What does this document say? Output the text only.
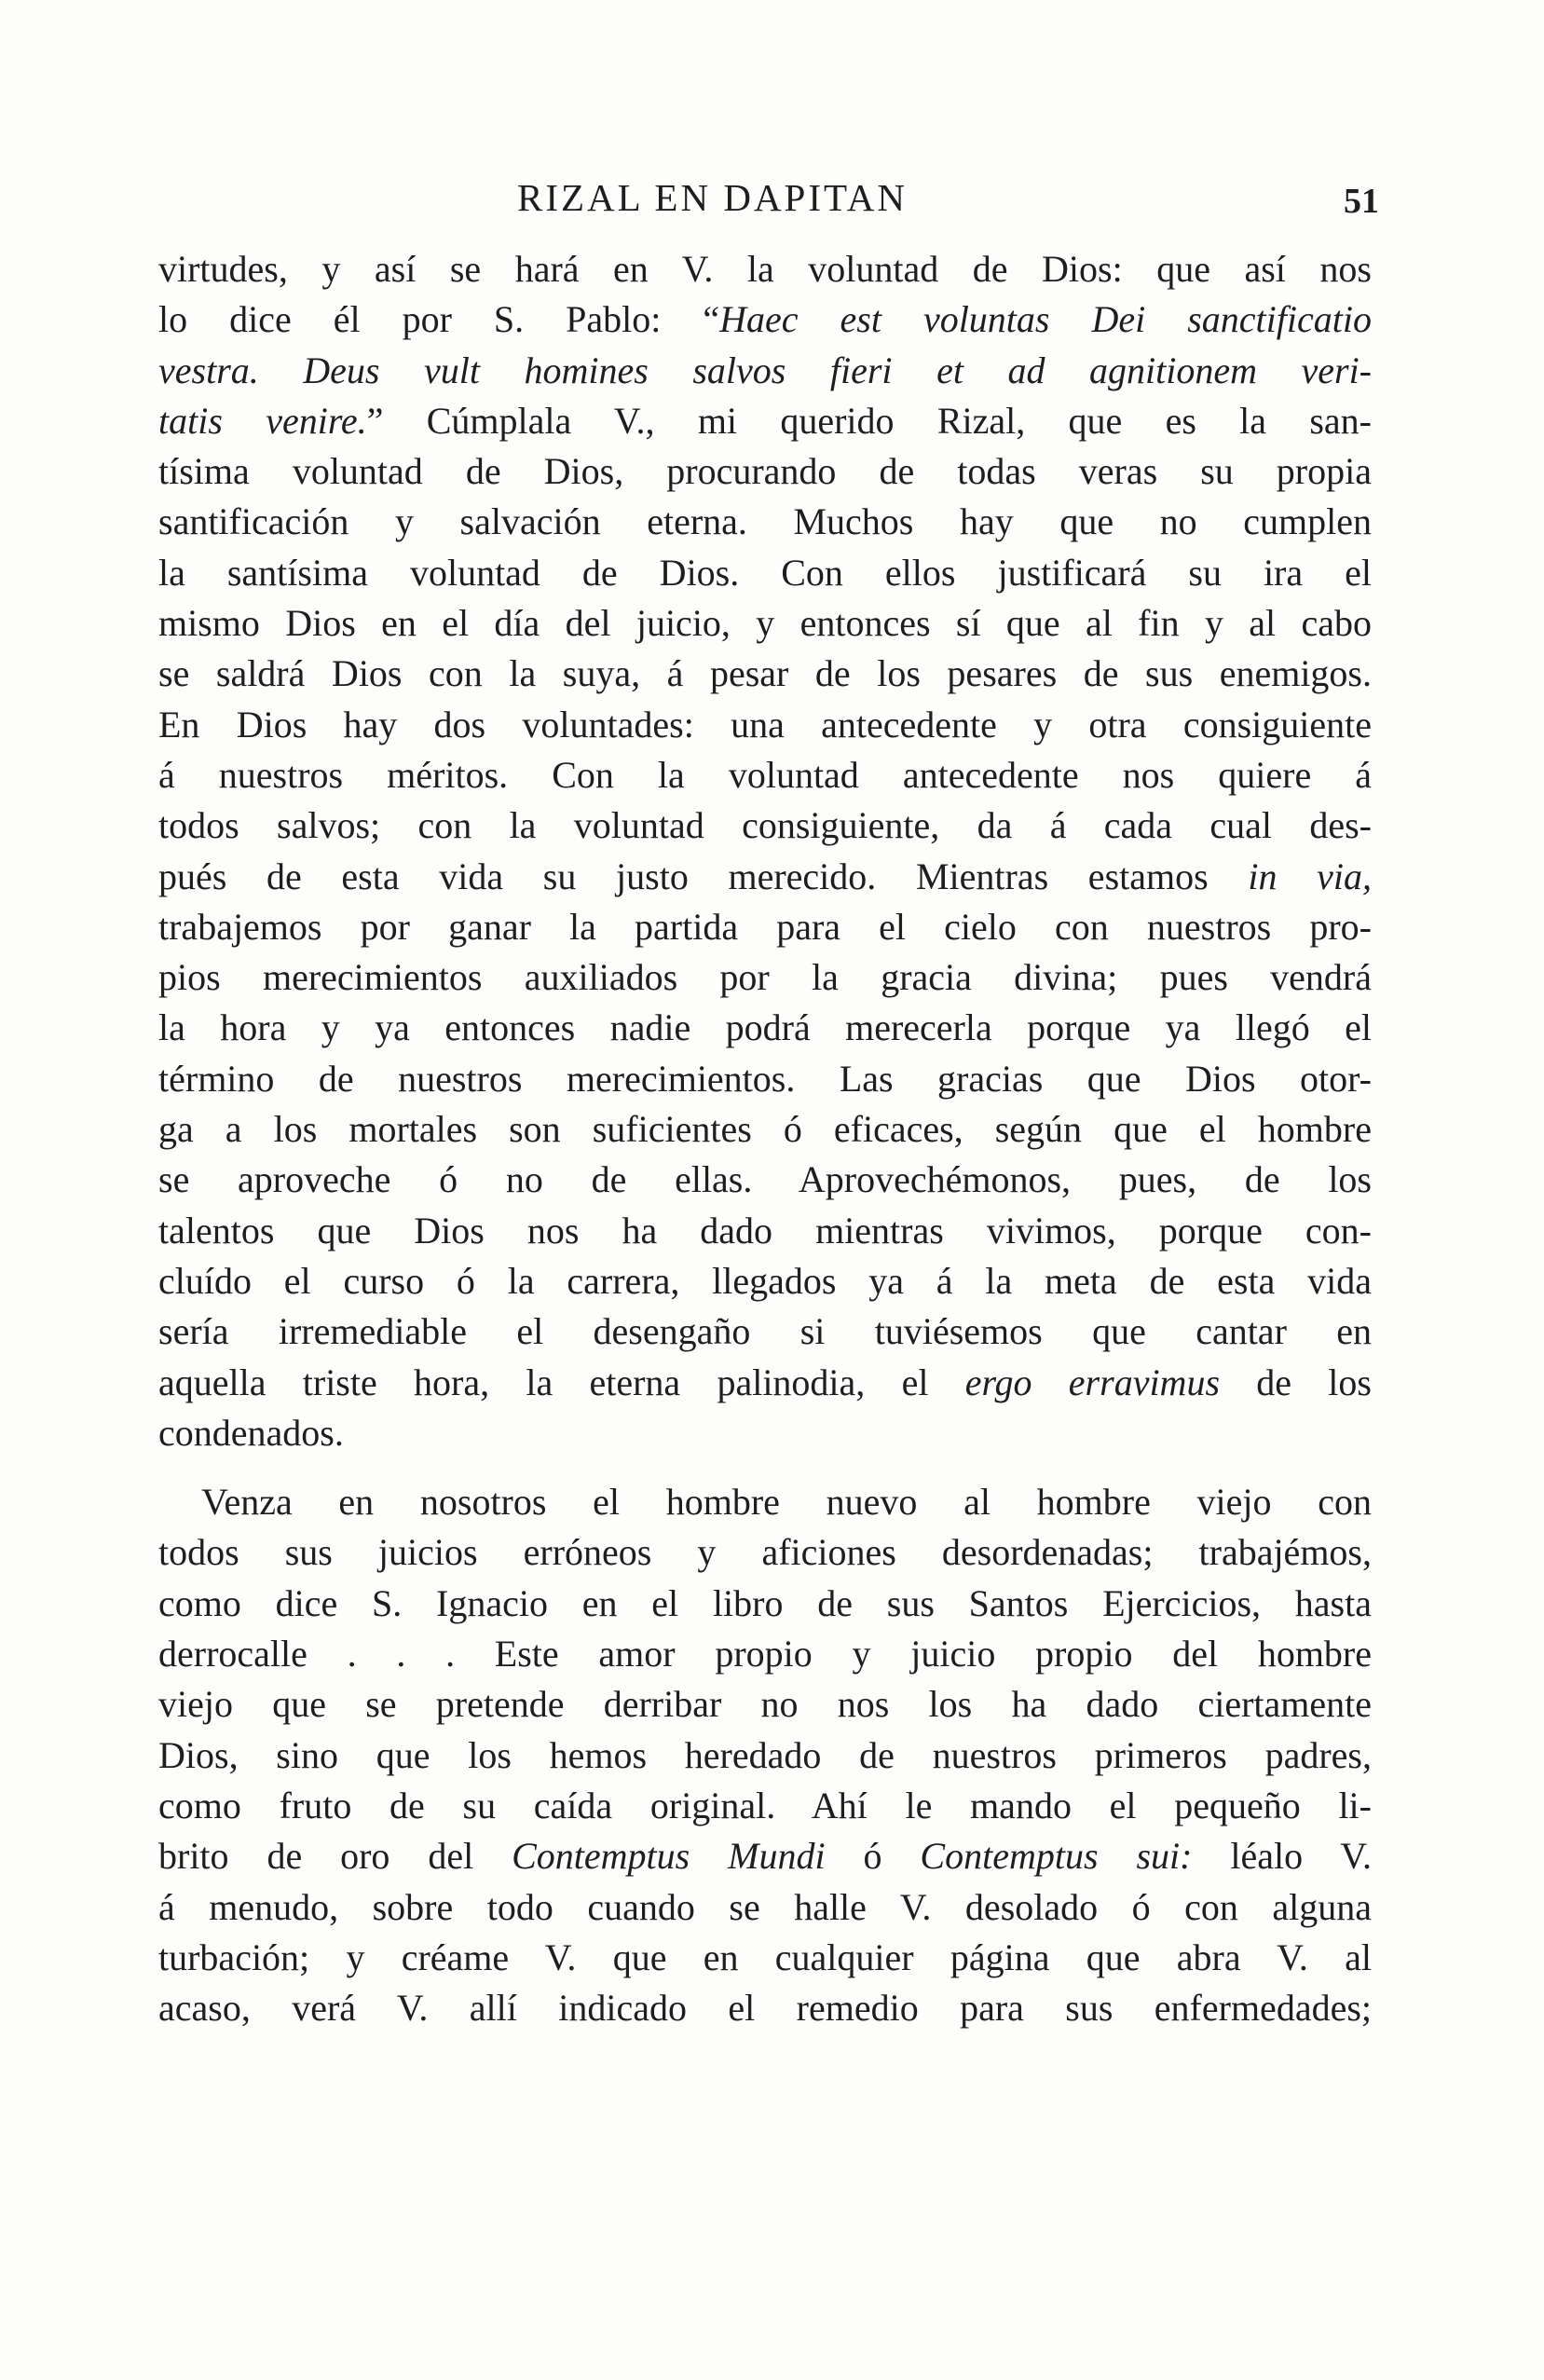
RIZAL EN DAPITAN	51
virtudes, y así se hará en V. la voluntad de Dios: que así nos
lo dice él por S. Pablo: “Haec est voluntas Dei sanctificatio
vestra. Deus vult homines salvos fieri et ad agnitionem veri-
tatis venire.” Cúmplala V., mi querido Rizal, que es la san-
tísima voluntad de Dios, procurando de todas veras su propia
santificación y salvación eterna. Muchos hay que no cumplen
la santísima voluntad de Dios. Con ellos justificará su ira el
mismo Dios en el día del juicio, y entonces sí que al fin y al cabo
se saldrá Dios con la suya, á pesar de los pesares de sus enemigos.
En Dios hay dos voluntades: una antecedente y otra consiguiente
á nuestros méritos. Con la voluntad antecedente nos quiere á
todos salvos; con la voluntad consiguiente, da á cada cual des-
pués de esta vida su justo merecido. Mientras estamos in via,
trabajemos por ganar la partida para el cielo con nuestros pro-
pios merecimientos auxiliados por la gracia divina; pues vendrá
la hora y ya entonces nadie podrá merecerla porque ya llegó el
término de nuestros merecimientos. Las gracias que Dios otor-
ga a los mortales son suficientes ó eficaces, según que el hombre
se aproveche ó no de ellas. Aprovechémonos, pues, de los
talentos que Dios nos ha dado mientras vivimos, porque con-
cluído el curso ó la carrera, llegados ya á la meta de esta vida
sería irremediable el desengaño si tuviésemos que cantar en
aquella triste hora, la eterna palinodia, el ergo erravimus de los
condenados.
Venza en nosotros el hombre nuevo al hombre viejo con
todos sus juicios erróneos y aficiones desordenadas; trabajémos,
como dice S. Ignacio en el libro de sus Santos Ejercicios, hasta
derrocalle . . . Este amor propio y juicio propio del hombre
viejo que se pretende derribar no nos los ha dado ciertamente
Dios, sino que los hemos heredado de nuestros primeros padres,
como fruto de su caída original. Ahí le mando el pequeño li-
brito de oro del Contemptus Mundi ó Contemptus sui: léalo V.
á menudo, sobre todo cuando se halle V. desolado ó con alguna
turbación; y créame V. que en cualquier página que abra V. al
acaso, verá V. allí indicado el remedio para sus enfermedades;
